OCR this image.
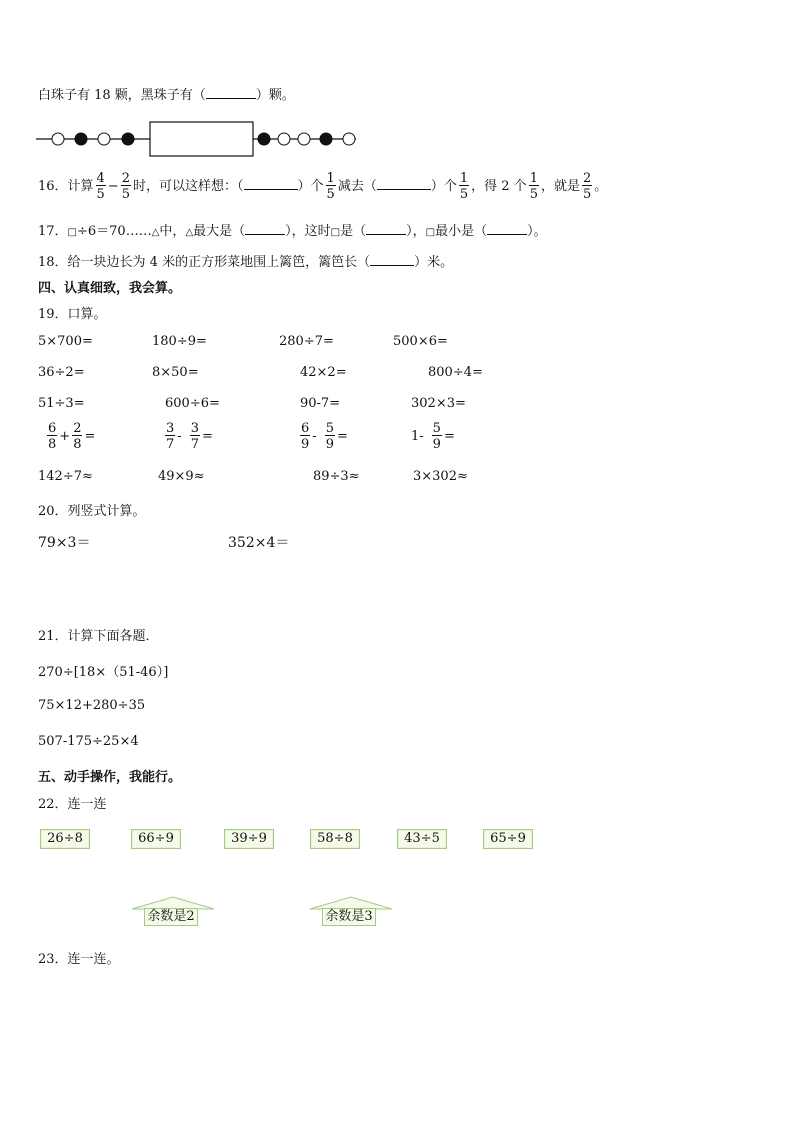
白珠子有 18 颗，黑珠子有（	）颗。
16．计算 $\frac{4}{5} - \frac{2}{5}$ 时，可以这样想：（	）个 $\frac{1}{5}$ 减去（	）个 $\frac{1}{5}$ ，得 2 个 $\frac{1}{5}$ ，就是 $\frac{2}{5}$ 。
17．□÷6＝70……△中，△最大是（	），这时□是（	），□最小是（	）。
18．给一块边长为 4 米的正方形菜地围上篱笆，篱笆长（	）米。
四、认真细致，我会算。
19．口算。
5×700=	180÷9=	280÷7=	500×6=
36÷2=	8×50=	42×2=	800÷4=
51÷3=	600÷6=	90-7=	302×3=
$\frac{6}{8} + \frac{2}{8}$ =	$\frac{3}{7} - \frac{3}{7}$ =	$\frac{6}{9} - \frac{5}{9}$ =	$1- \frac{5}{9}$ =
142÷7≈	49×9≈	89÷3≈	3×302≈
20．列竖式计算。
79×3＝	352×4＝
21．计算下面各题．
270÷[18×（51-46）]
75×12+280÷35
507-175÷25×4
五、动手操作，我能行。
22．连一连
26÷8	66÷9	39÷9	58÷8	43÷5	65÷9
余数是2	余数是3
23．连一连。
